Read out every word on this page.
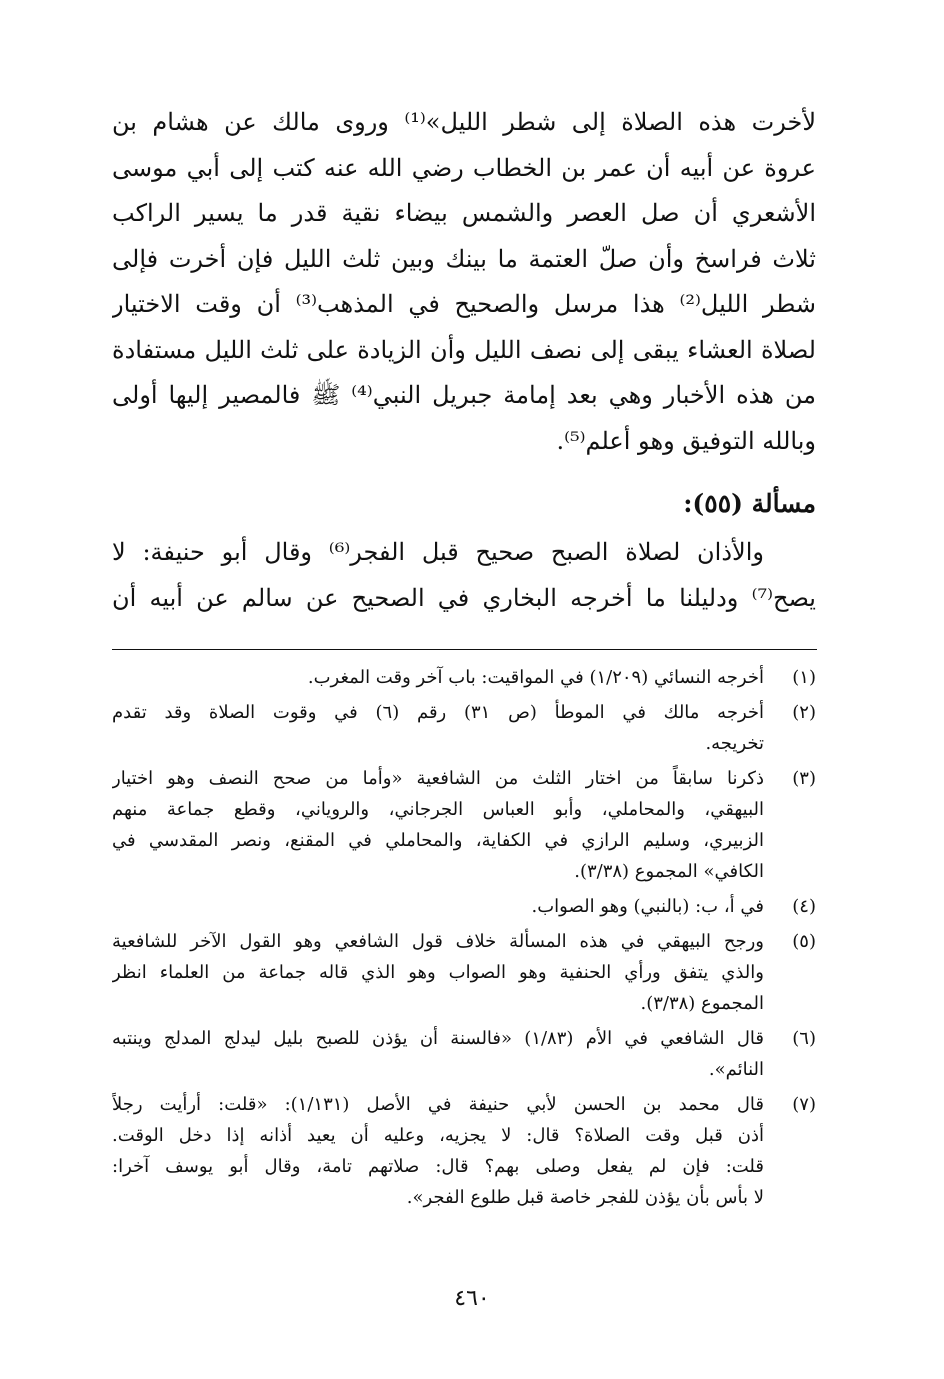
لأخرت هذه الصلاة إلى شطر الليل»⁽¹⁾ وروى مالك عن هشام بن
عروة عن أبيه أن عمر بن الخطاب رضي الله عنه كتب إلى أبي موسى
الأشعري أن صل العصر والشمس بيضاء نقية قدر ما يسير الراكب
ثلاث فراسخ وأن صلّ العتمة ما بينك وبين ثلث الليل فإن أخرت فإلى
شطر الليل⁽²⁾ هذا مرسل والصحيح في المذهب⁽³⁾ أن وقت الاختيار
لصلاة العشاء يبقى إلى نصف الليل وأن الزيادة على ثلث الليل مستفادة
من هذه الأخبار وهي بعد إمامة جبريل النبي⁽⁴⁾ ﷺ فالمصير إليها أولى
وبالله التوفيق وهو أعلم⁽⁵⁾.
مسألة (٥٥):
والأذان لصلاة الصبح صحيح قبل الفجر⁽⁶⁾ وقال أبو حنيفة: لا
يصح⁽⁷⁾ ودليلنا ما أخرجه البخاري في الصحيح عن سالم عن أبيه أن
(١)
أخرجه النسائي (١/٢٠٩) في المواقيت: باب آخر وقت المغرب.
(٢)
أخرجه مالك في الموطأ (ص ٣١) رقم (٦) في وقوت الصلاة وقد تقدم
تخريجه.
(٣)
ذكرنا سابقاً من اختار الثلث من الشافعية «وأما من صحح النصف وهو اختيار
البيهقي، والمحاملي، وأبو العباس الجرجاني، والروياني، وقطع جماعة منهم
الزبيري، وسليم الرازي في الكفاية، والمحاملي في المقنع، ونصر المقدسي في
الكافي» المجموع (٣/٣٨).
(٤)
في أ، ب: (بالنبي) وهو الصواب.
(٥)
ورجح البيهقي في هذه المسألة خلاف قول الشافعي وهو القول الآخر للشافعية
والذي يتفق ورأي الحنفية وهو الصواب وهو الذي قاله جماعة من العلماء انظر
المجموع (٣/٣٨).
(٦)
قال الشافعي في الأم (١/٨٣) «فالسنة أن يؤذن للصبح بليل ليدلج المدلج وينتبه
النائم».
(٧)
قال محمد بن الحسن لأبي حنيفة في الأصل (١/١٣١): «قلت: أرأيت رجلاً
أذن قبل وقت الصلاة؟ قال: لا يجزيه، وعليه أن يعيد أذانه إذا دخل الوقت.
قلت: فإن لم يفعل وصلى بهم؟ قال: صلاتهم تامة، وقال أبو يوسف آخرا:
لا بأس بأن يؤذن للفجر خاصة قبل طلوع الفجر».
٤٦٠
